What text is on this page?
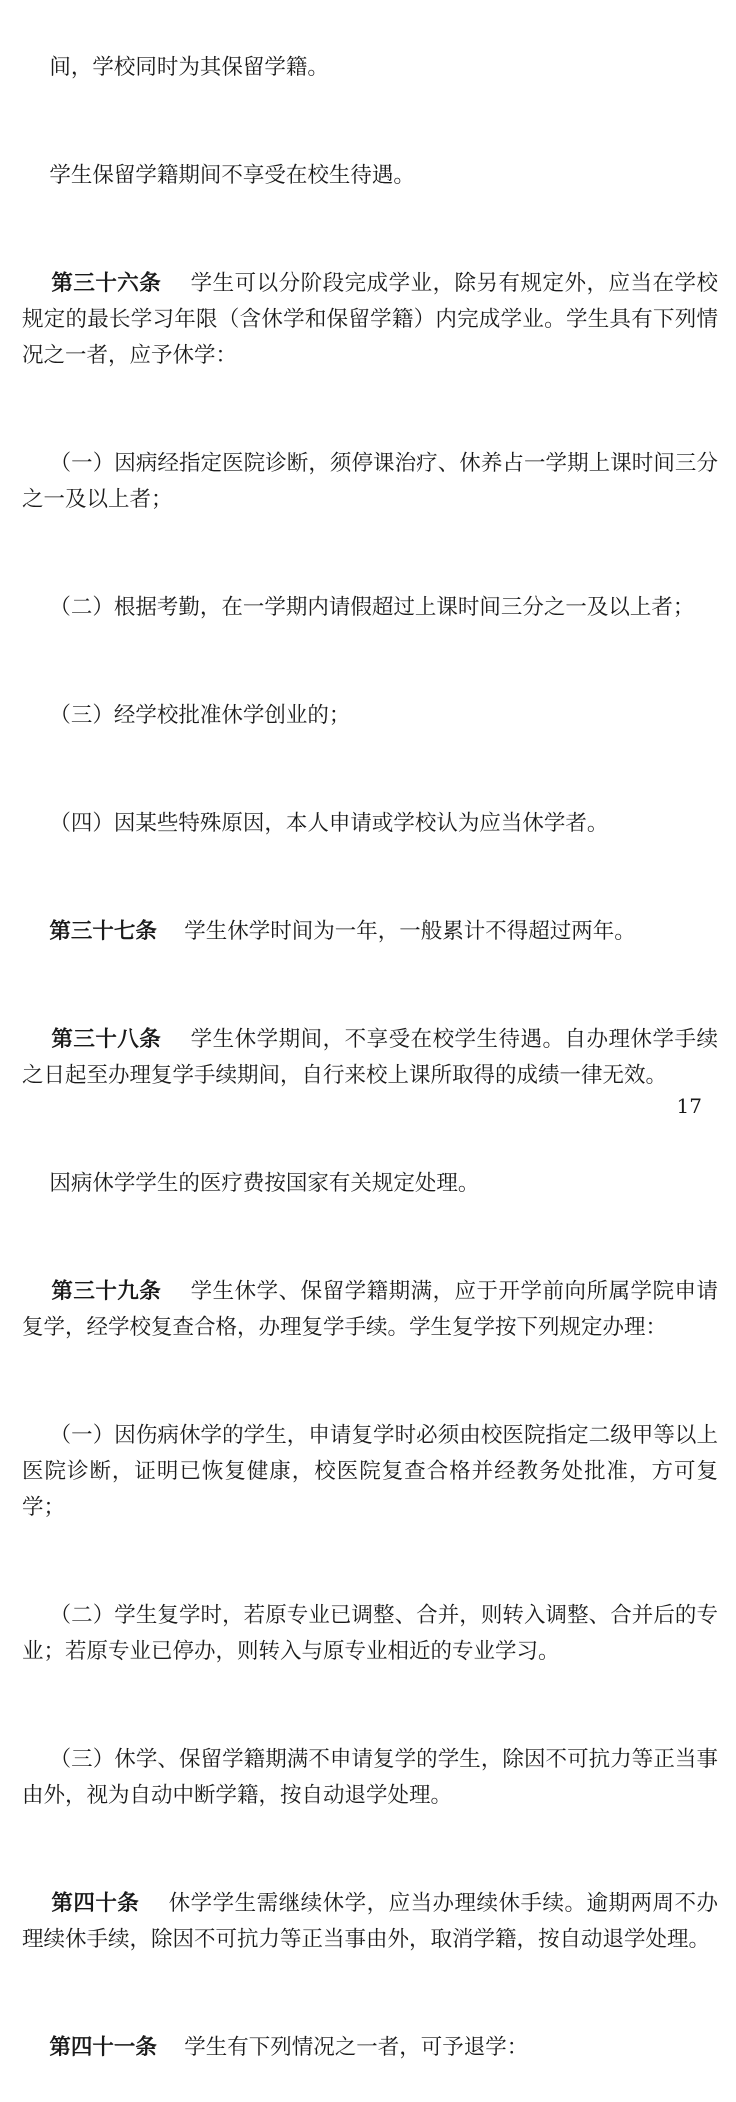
间，学校同时为其保留学籍。

学生保留学籍期间不享受在校生待遇。

第三十六条    学生可以分阶段完成学业，除另有规定外，应当在学校规定的最长学习年限（含休学和保留学籍）内完成学业。学生具有下列情况之一者，应予休学：

（一）因病经指定医院诊断，须停课治疗、休养占一学期上课时间三分之一及以上者；

（二）根据考勤，在一学期内请假超过上课时间三分之一及以上者；

（三）经学校批准休学创业的；

（四）因某些特殊原因，本人申请或学校认为应当休学者。

第三十七条    学生休学时间为一年，一般累计不得超过两年。

第三十八条    学生休学期间，不享受在校学生待遇。自办理休学手续之日起至办理复学手续期间，自行来校上课所取得的成绩一律无效。

因病休学学生的医疗费按国家有关规定处理。

第三十九条    学生休学、保留学籍期满，应于开学前向所属学院申请复学，经学校复查合格，办理复学手续。学生复学按下列规定办理：

（一）因伤病休学的学生，申请复学时必须由校医院指定二级甲等以上医院诊断，证明已恢复健康，校医院复查合格并经教务处批准，方可复学；

（二）学生复学时，若原专业已调整、合并，则转入调整、合并后的专业；若原专业已停办，则转入与原专业相近的专业学习。

（三）休学、保留学籍期满不申请复学的学生，除因不可抗力等正当事由外，视为自动中断学籍，按自动退学处理。

第四十条    休学学生需继续休学，应当办理续休手续。逾期两周不办理续休手续，除因不可抗力等正当事由外，取消学籍，按自动退学处理。

第四十一条    学生有下列情况之一者，可予退学：

17
